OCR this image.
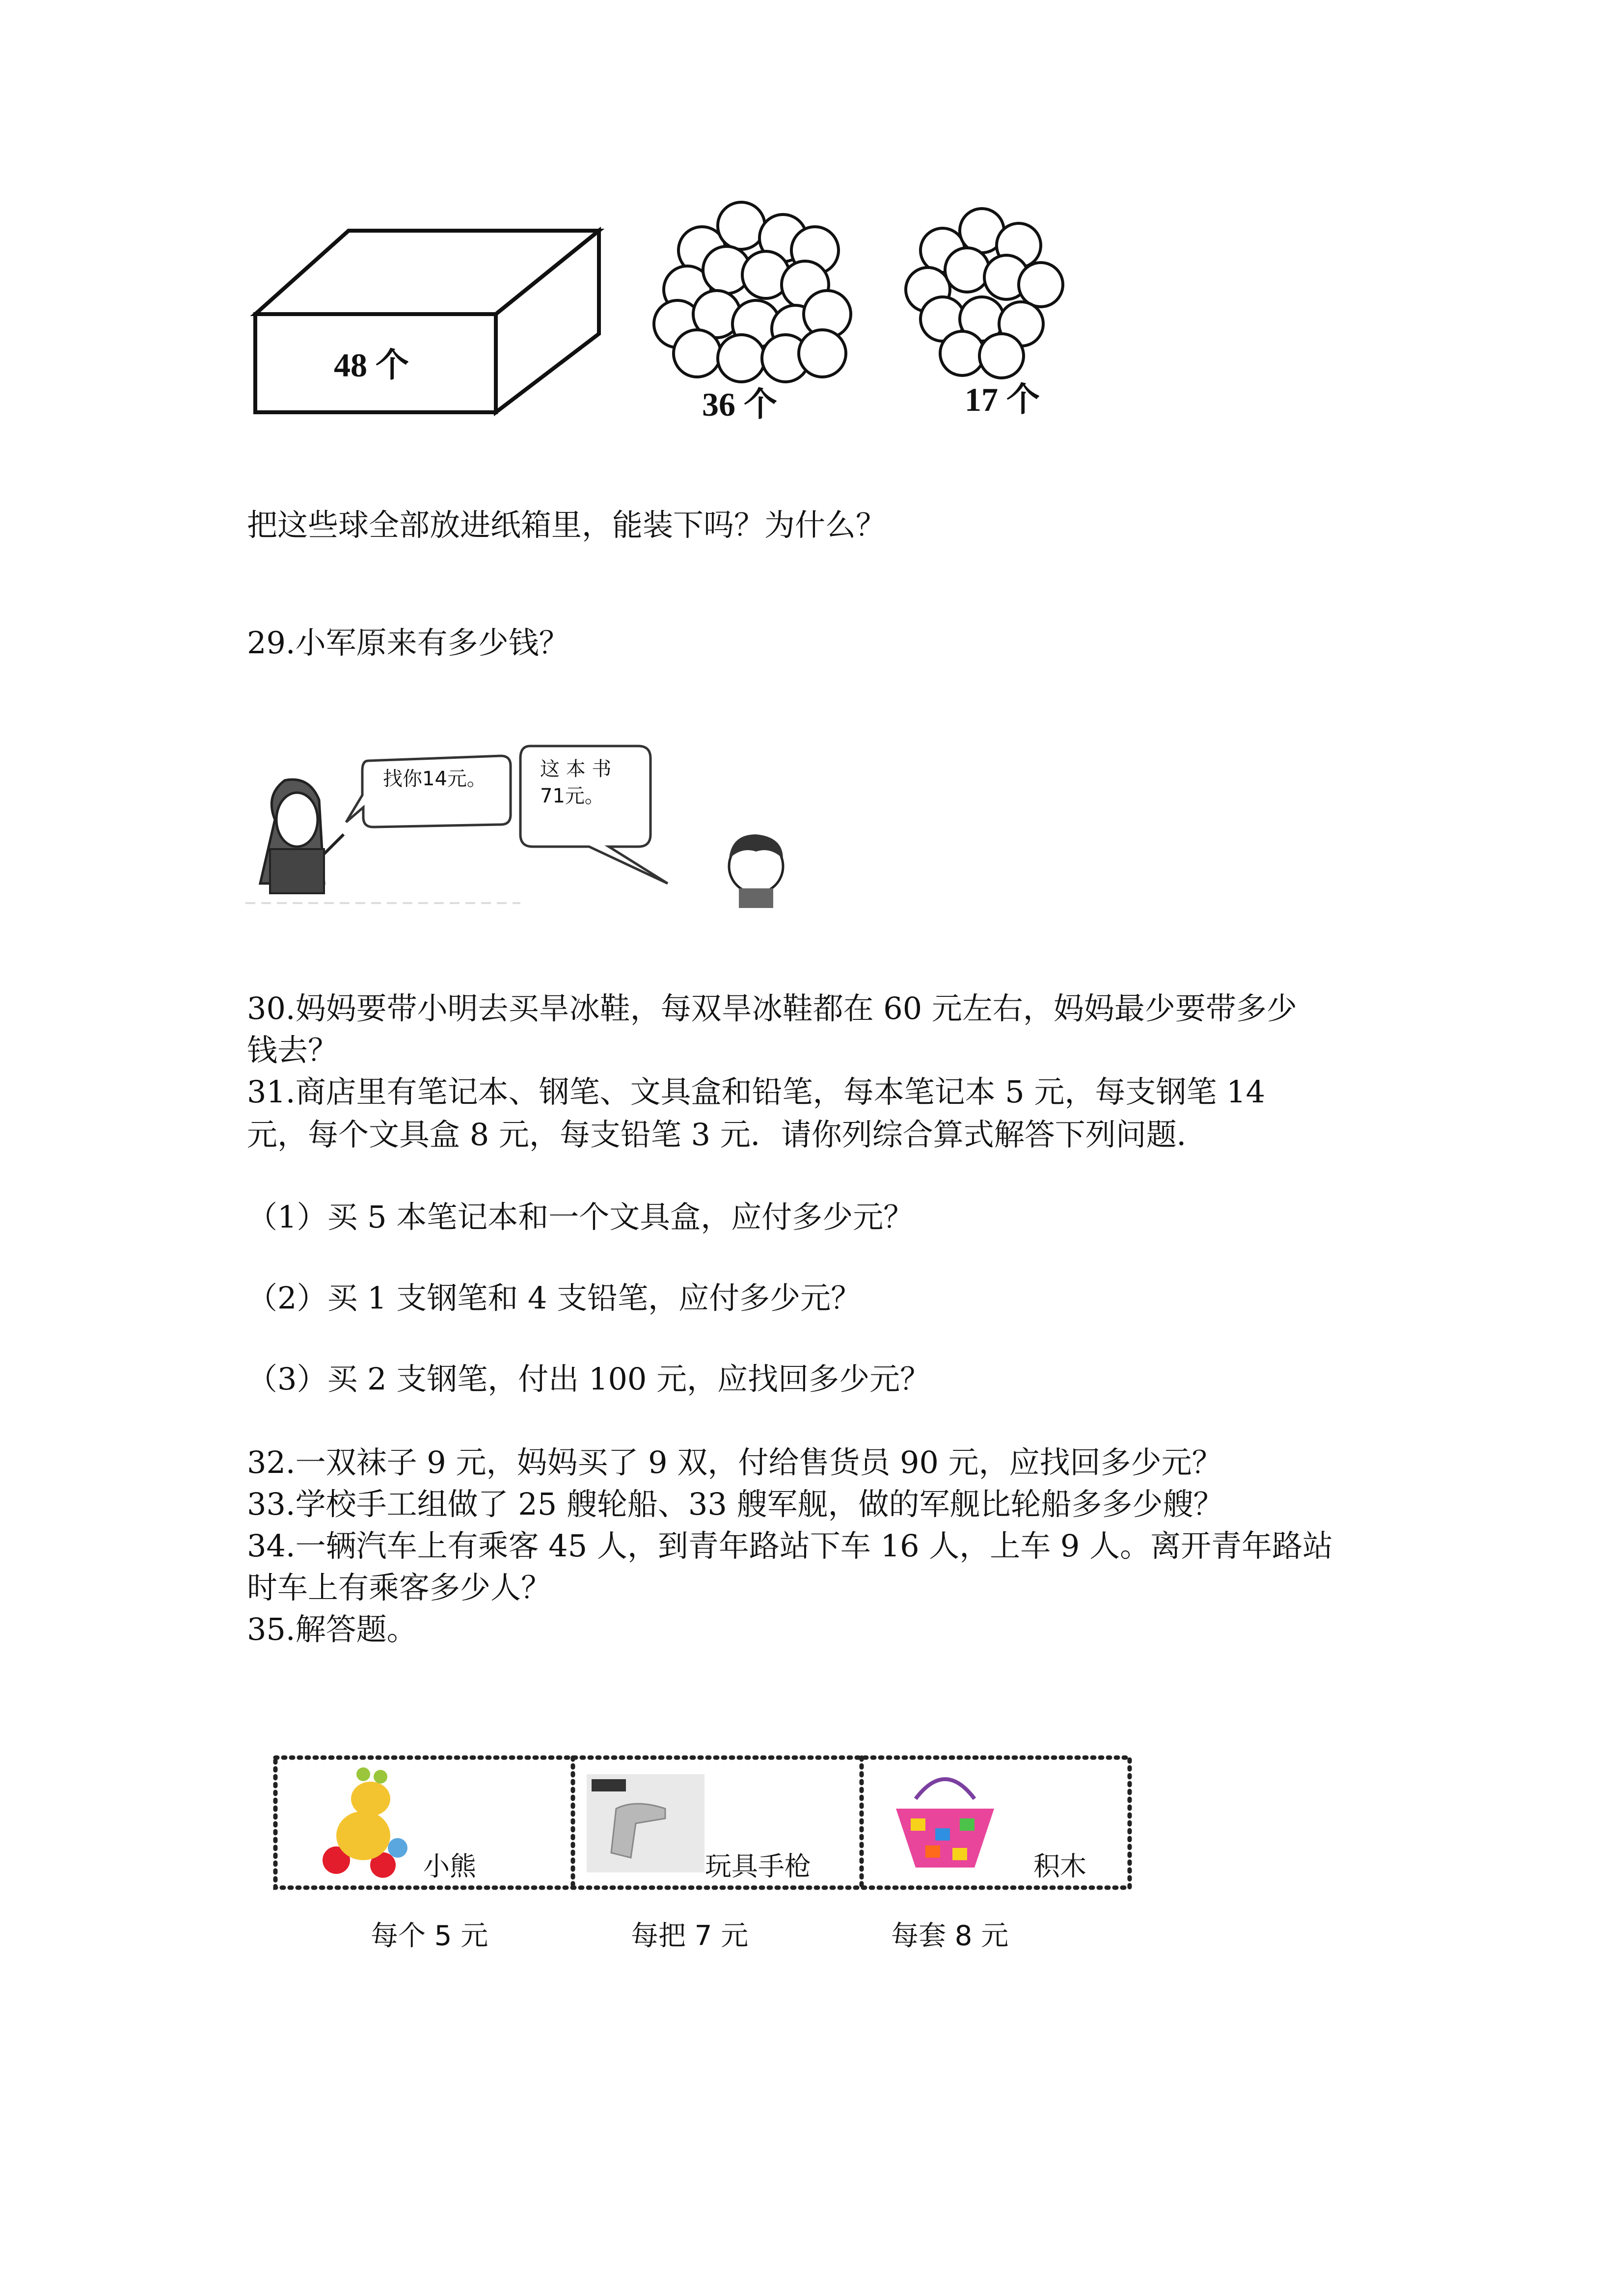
48 个
36 个	17 个
把这些球全部放进纸箱里，能装下吗？为什么？
29.小军原来有多少钱？
找你14元。	这 本 书
71元。
30.妈妈要带小明去买旱冰鞋，每双旱冰鞋都在 60 元左右，妈妈最少要带多少
钱去？
31.商店里有笔记本、钢笔、文具盒和铅笔，每本笔记本 5 元，每支钢笔 14
元，每个文具盒 8 元，每支铅笔 3 元．请你列综合算式解答下列问题．
（1）买 5 本笔记本和一个文具盒，应付多少元？
（2）买 1 支钢笔和 4 支铅笔，应付多少元？
（3）买 2 支钢笔，付出 100 元，应找回多少元？
32.一双袜子 9 元，妈妈买了 9 双，付给售货员 90 元，应找回多少元？
33.学校手工组做了 25 艘轮船、33 艘军舰，做的军舰比轮船多多少艘？
34.一辆汽车上有乘客 45 人，到青年路站下车 16 人，上车 9 人。离开青年路站
时车上有乘客多少人？
35.解答题。
小熊	玩具手枪	积木
每个 5 元	每把 7 元	每套 8 元
